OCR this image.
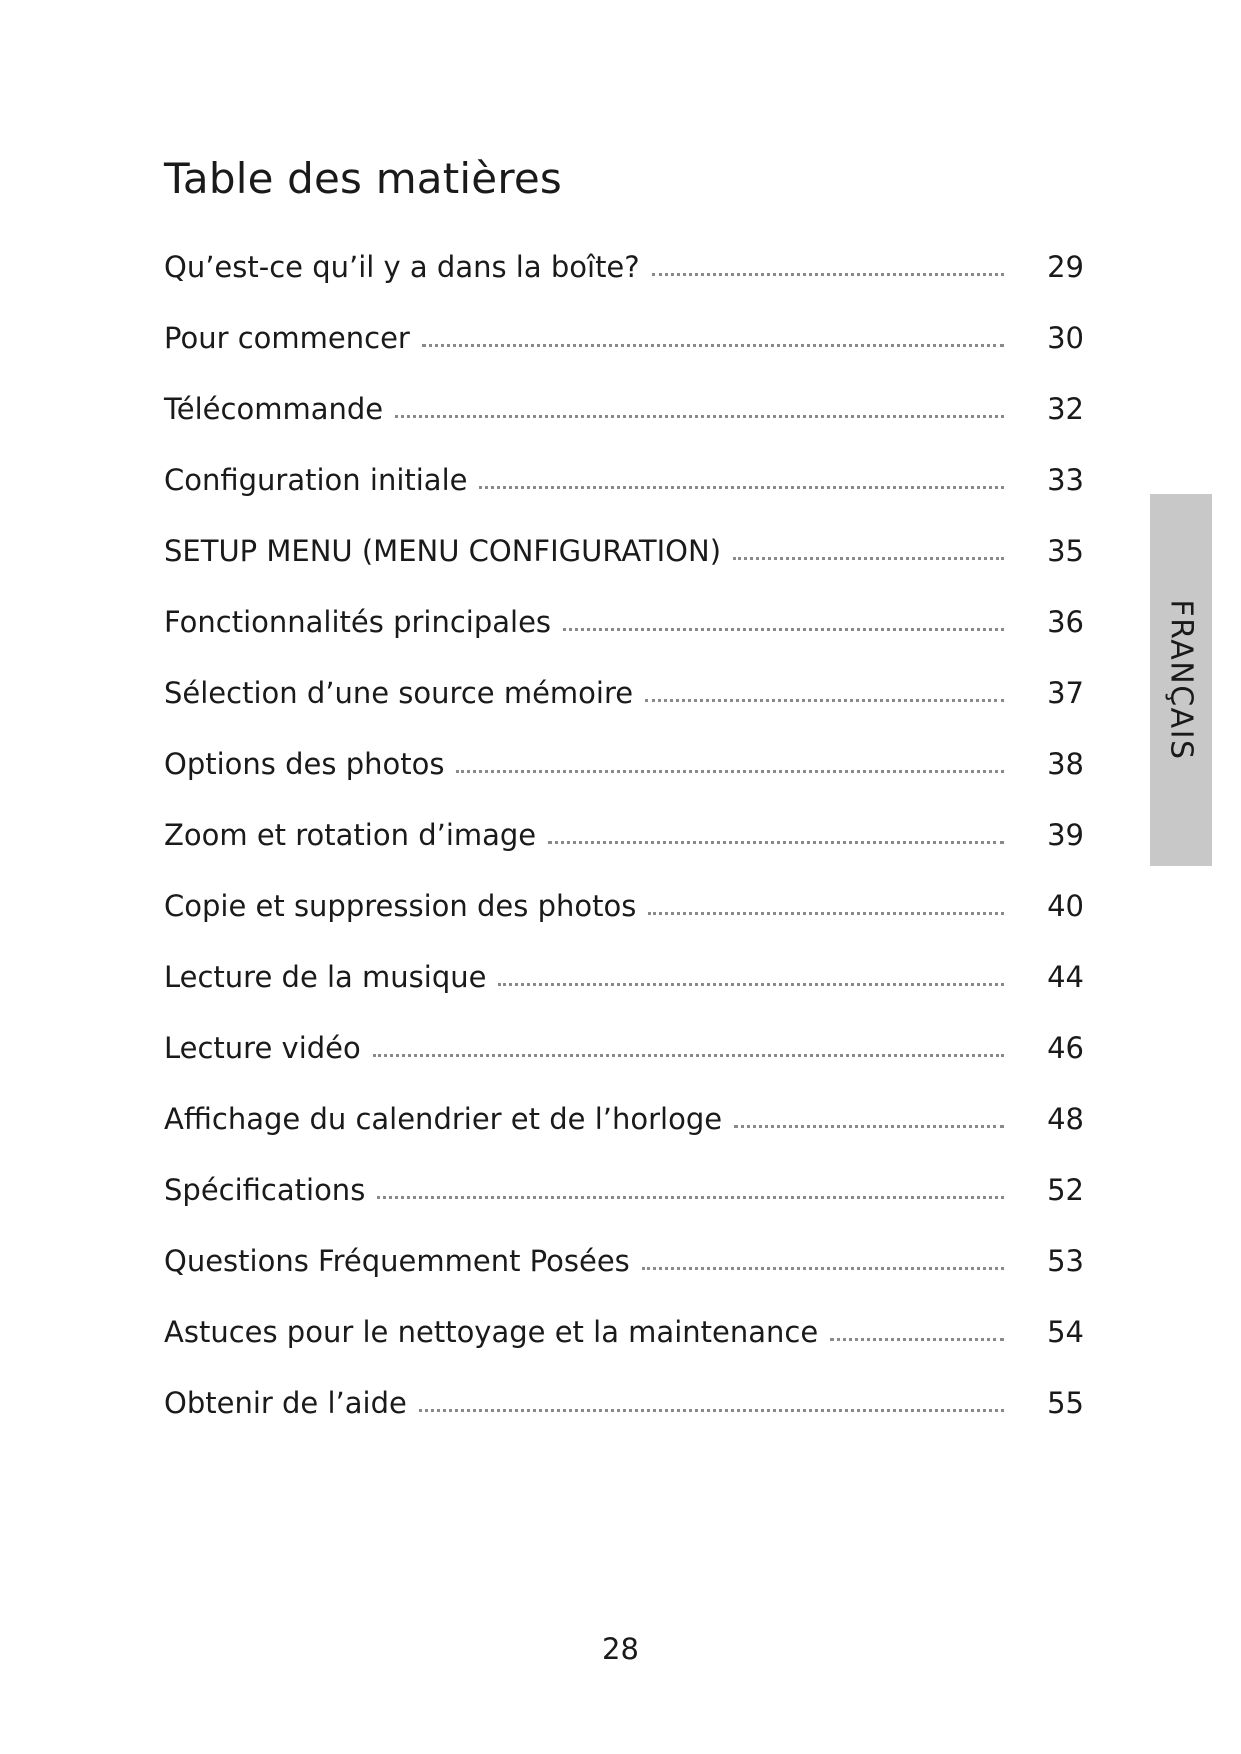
Table des matières
Qu’est-ce qu’il y a dans la boîte?	29
Pour commencer	30
Télécommande	32
Configuration initiale	33
SETUP MENU (MENU CONFIGURATION)	35
Fonctionnalités principales	36
Sélection d’une source mémoire	37
Options des photos	38
Zoom et rotation d’image	39
Copie et suppression des photos	40
Lecture de la musique	44
Lecture vidéo	46
Affichage du calendrier et de l’horloge	48
Spécifications	52
Questions Fréquemment Posées	53
Astuces pour le nettoyage et la maintenance	54
Obtenir de l’aide	55
FRANÇAIS
28
